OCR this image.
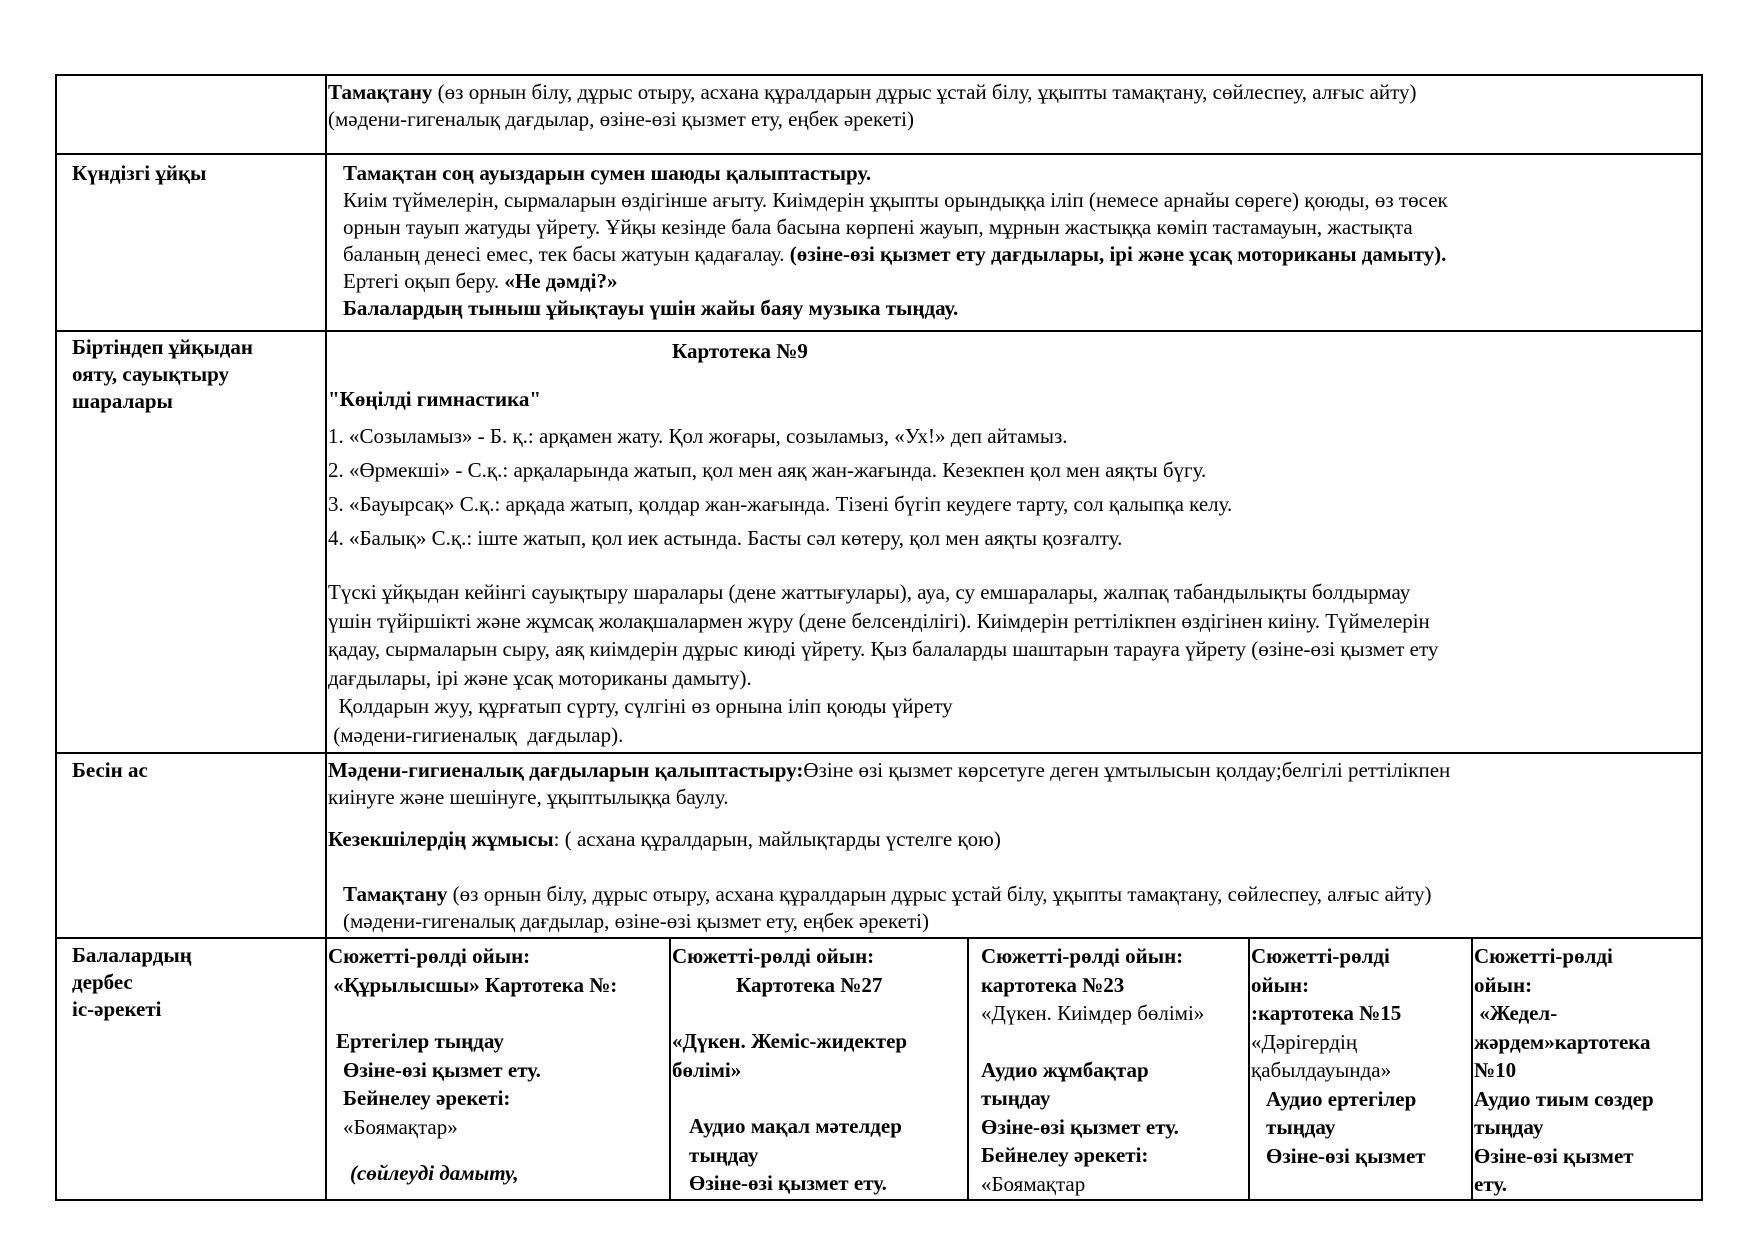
Тамақтану (өз орнын білу, дұрыс отыру, асхана құралдарын дұрыс ұстай білу, ұқыпты тамақтану, сөйлеспеу, алғыс айту)
(мәдени-гигеналық дағдылар, өзіне-өзі қызмет ету, еңбек әрекеті)
Күндізгі ұйқы	Тамақтан соң ауыздарын сумен шаюды қалыптастыру.
Киім түймелерін, сырмаларын өздігінше ағыту. Киімдерін ұқыпты орындыққа іліп (немесе арнайы сөреге) қоюды, өз төсек
орнын тауып жатуды үйрету. Ұйқы кезінде бала басына көрпені жауып, мұрнын жастыққа көміп тастамауын, жастықта
баланың денесі емес, тек басы жатуын қадағалау. (өзіне-өзі қызмет ету дағдылары, ірі және ұсақ моториканы дамыту).
Ертегі оқып беру. «Не дәмді?»
Балалардың тыныш ұйықтауы үшін жайы баяу музыка тыңдау.
Біртіндеп ұйқыдан
ояту, сауықтыру
шаралары
Картотека №9
"Көңілді гимнастика"
1. «Созыламыз» - Б. қ.: арқамен жату. Қол жоғары, созыламыз, «Ух!» деп айтамыз.
2. «Өрмекші» - С.қ.: арқаларында жатып, қол мен аяқ жан-жағында. Кезекпен қол мен аяқты бүгу.
3. «Бауырсақ» С.қ.: арқада жатып, қолдар жан-жағында. Тізені бүгіп кеудеге тарту, сол қалыпқа келу.
4. «Балық» С.қ.: іште жатып, қол иек астында. Басты сәл көтеру, қол мен аяқты қозғалту.
Түскі ұйқыдан кейінгі сауықтыру шаралары (дене жаттығулары), ауа, су емшаралары, жалпақ табандылықты болдырмау
үшін түйіршікті және жұмсақ жолақшалармен жүру (дене белсенділігі). Киімдерін реттілікпен өздігінен киіну. Түймелерін
қадау, сырмаларын сыру, аяқ киімдерін дұрыс киюді үйрету. Қыз балаларды шаштарын тарауға үйрету (өзіне-өзі қызмет ету
дағдылары, ірі және ұсақ моториканы дамыту).
Қолдарын жуу, құрғатып сүрту, сүлгіні өз орнына іліп қоюды үйрету
(мәдени-гигиеналық  дағдылар).
Бесін ас	Мәдени-гигиеналық дағдыларын қалыптастыру:Өзіне өзі қызмет көрсетуге деген ұмтылысын қолдау;белгілі реттілікпен
киінуге және шешінуге, ұқыптылыққа баулу.
Кезекшілердің жұмысы: ( асхана құралдарын, майлықтарды үстелге қою)
Тамақтану (өз орнын білу, дұрыс отыру, асхана құралдарын дұрыс ұстай білу, ұқыпты тамақтану, сөйлеспеу, алғыс айту)
(мәдени-гигеналық дағдылар, өзіне-өзі қызмет ету, еңбек әрекеті)
Балалардың
дербес
іс-әрекеті
Сюжетті-рөлді ойын:
«Құрылысшы» Картотека №:
Ертегілер тыңдау
Өзіне-өзі қызмет ету.
Бейнелеу әрекеті:
«Боямақтар»
(сөйлеуді дамыту,
Сюжетті-рөлді ойын:
Картотека №27
«Дүкен. Жеміс-жидектер
бөлімі»
Аудио мақал мәтелдер
тыңдау
Өзіне-өзі қызмет ету.
Сюжетті-рөлді ойын:
картотека №23
«Дүкен. Киімдер бөлімі»
Аудио жұмбақтар
тыңдау
Өзіне-өзі қызмет ету.
Бейнелеу әрекеті:
«Боямақтар
Сюжетті-рөлді
ойын:
:картотека №15
«Дәрігердің
қабылдауында»
Аудио ертегілер
тыңдау
Өзіне-өзі қызмет
Сюжетті-рөлді
ойын:
«Жедел-
жәрдем»картотека
№10
Аудио тиым сөздер
тыңдау
Өзіне-өзі қызмет
ету.
